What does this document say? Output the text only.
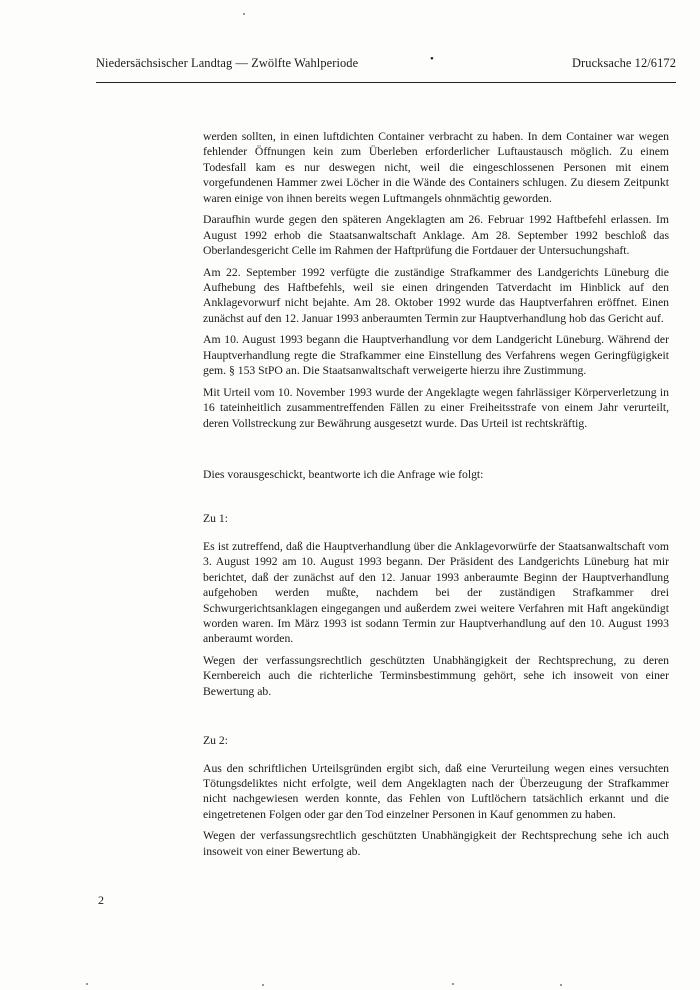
Niedersächsischer Landtag — Zwölfte Wahlperiode	•	Drucksache 12/6172

werden sollten, in einen luftdichten Container verbracht zu haben. In dem Container war wegen fehlender Öffnungen kein zum Überleben erforderlicher Luftaustausch möglich. Zu einem Todesfall kam es nur deswegen nicht, weil die eingeschlossenen Personen mit einem vorgefundenen Hammer zwei Löcher in die Wände des Containers schlugen. Zu diesem Zeitpunkt waren einige von ihnen bereits wegen Luftmangels ohnmächtig geworden.

Daraufhin wurde gegen den späteren Angeklagten am 26. Februar 1992 Haftbefehl erlassen. Im August 1992 erhob die Staatsanwaltschaft Anklage. Am 28. September 1992 beschloß das Oberlandesgericht Celle im Rahmen der Haftprüfung die Fortdauer der Untersuchungshaft.

Am 22. September 1992 verfügte die zuständige Strafkammer des Landgerichts Lüneburg die Aufhebung des Haftbefehls, weil sie einen dringenden Tatverdacht im Hinblick auf den Anklagevorwurf nicht bejahte. Am 28. Oktober 1992 wurde das Hauptverfahren eröffnet. Einen zunächst auf den 12. Januar 1993 anberaumten Termin zur Hauptverhandlung hob das Gericht auf.

Am 10. August 1993 begann die Hauptverhandlung vor dem Landgericht Lüneburg. Während der Hauptverhandlung regte die Strafkammer eine Einstellung des Verfahrens wegen Geringfügigkeit gem. § 153 StPO an. Die Staatsanwaltschaft verweigerte hierzu ihre Zustimmung.

Mit Urteil vom 10. November 1993 wurde der Angeklagte wegen fahrlässiger Körperverletzung in 16 tateinheitlich zusammentreffenden Fällen zu einer Freiheitsstrafe von einem Jahr verurteilt, deren Vollstreckung zur Bewährung ausgesetzt wurde. Das Urteil ist rechtskräftig.

Dies vorausgeschickt, beantworte ich die Anfrage wie folgt:

Zu 1:

Es ist zutreffend, daß die Hauptverhandlung über die Anklagevorwürfe der Staatsanwaltschaft vom 3. August 1992 am 10. August 1993 begann. Der Präsident des Landgerichts Lüneburg hat mir berichtet, daß der zunächst auf den 12. Januar 1993 anberaumte Beginn der Hauptverhandlung aufgehoben werden mußte, nachdem bei der zuständigen Strafkammer drei Schwurgerichtsanklagen eingegangen und außerdem zwei weitere Verfahren mit Haft angekündigt worden waren. Im März 1993 ist sodann Termin zur Hauptverhandlung auf den 10. August 1993 anberaumt worden.

Wegen der verfassungsrechtlich geschützten Unabhängigkeit der Rechtsprechung, zu deren Kernbereich auch die richterliche Terminsbestimmung gehört, sehe ich insoweit von einer Bewertung ab.

Zu 2:

Aus den schriftlichen Urteilsgründen ergibt sich, daß eine Verurteilung wegen eines versuchten Tötungsdeliktes nicht erfolgte, weil dem Angeklagten nach der Überzeugung der Strafkammer nicht nachgewiesen werden konnte, das Fehlen von Luftlöchern tatsächlich erkannt und die eingetretenen Folgen oder gar den Tod einzelner Personen in Kauf genommen zu haben.

Wegen der verfassungsrechtlich geschützten Unabhängigkeit der Rechtsprechung sehe ich auch insoweit von einer Bewertung ab.

2
